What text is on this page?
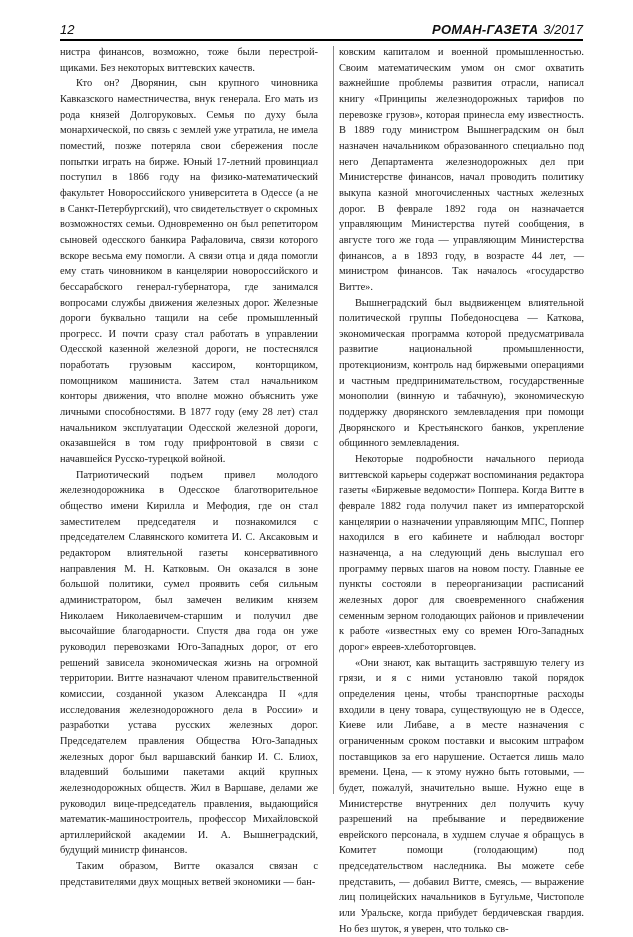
12	РОМАН-ГАЗЕТА 3/2017

нистра финансов, возможно, тоже были перестрой-щиками. Без некоторых виттевских качеств.

Кто он? Дворянин, сын крупного чиновника Кавказского наместничества, внук генерала. Его мать из рода князей Долгоруковых. Семья по духу была монархической, по связь с землей уже утратила, не имела поместий, позже потеряла свои сбережения после попытки играть на бирже. Юный 17-летний провинциал поступил в 1866 году на физико-математический факультет Новороссийского университета в Одессе (а не в Санкт-Петербургский), что свидетельствует о скромных возможностях семьи. Одновременно он был репетитором сыновей одесского банкира Рафаловича, связи которого вскоре весьма ему помогли. А связи отца и дяда помогли ему стать чиновником в канцелярии новороссийского и бессарабского генерал-губернатора, где занимался вопросами службы движения железных дорог. Железные дороги буквально тащили на себе промышленный прогресс. И почти сразу стал работать в управлении Одесской казенной железной дороги, не постеснялся поработать грузовым кассиром, конторщиком, помощником машиниста. Затем стал начальником конторы движения, что вполне можно объяснить уже личными способностями. В 1877 году (ему 28 лет) стал начальником эксплуатации Одесской железной дороги, оказавшейся в том году прифронтовой в связи с начавшейся Русско-турецкой войной.

Патриотический подъем привел молодого железнодорожника в Одесское благотворительное общество имени Кирилла и Мефодия, где он стал заместителем председателя и познакомился с председателем Славянского комитета И. С. Аксаковым и редактором влиятельной газеты консервативного направления М. Н. Катковым. Он оказался в зоне большой политики, сумел проявить себя сильным администратором, был замечен великим князем Николаем Николаевичем-старшим и получил две высочайшие благодарности. Спустя два года он уже руководил перевозками Юго-Западных дорог, от его решений зависела экономическая жизнь на огромной территории. Витте назначают членом правительственной комиссии, созданной указом Александра II «для исследования железнодорожного дела в России» и разработки устава русских железных дорог. Председателем правления Общества Юго-Западных железных дорог был варшавский банкир И. С. Блиох, владевший большими пакетами акций крупных железнодорожных обществ. Жил в Варшаве, делами же руководил вице-председатель правления, выдающийся математик-машиностроитель, профессор Михайловской артиллерийской академии И. А. Вышнеградский, будущий министр финансов.

Таким образом, Витте оказался связан с представителями двух мощных ветвей экономики — бан-

ковским капиталом и военной промышленностью. Своим математическим умом он смог охватить важнейшие проблемы развития отрасли, написал книгу «Принципы железнодорожных тарифов по перевозке грузов», которая принесла ему известность. В 1889 году министром Вышнеградским он был назначен начальником образованного специально под него Департамента железнодорожных дел при Министерстве финансов, начал проводить политику выкупа казной многочисленных частных железных дорог. В феврале 1892 года он назначается управляющим Министерства путей сообщения, в августе того же года — управляющим Министерства финансов, а в 1893 году, в возрасте 44 лет, — министром финансов. Так началось «государство Витте».

Вышнеградский был выдвиженцем влиятельной политической группы Победоносцева — Каткова, экономическая программа которой предусматривала развитие национальной промышленности, протекционизм, контроль над биржевыми операциями и частным предпринимательством, государственные монополии (винную и табачную), экономическую поддержку дворянского землевладения при помощи Дворянского и Крестьянского банков, укрепление общинного землевладения.

Некоторые подробности начального периода виттевской карьеры содержат воспоминания редактора газеты «Биржевые ведомости» Поппера. Когда Витте в феврале 1882 года получил пакет из императорской канцелярии о назначении управляющим МПС, Поппер находился в его кабинете и наблюдал восторг назначенца, а на следующий день выслушал его программу первых шагов на новом посту. Главные ее пункты состояли в переорганизации расписаний железных дорог для своевременного снабжения семенным зерном голодающих районов и привлечении к работе «известных ему со времен Юго-Западных дорог» евреев-хлеботорговцев.

«Они знают, как вытащить застрявшую телегу из грязи, и я с ними установлю такой порядок определения цены, чтобы транспортные расходы входили в цену товара, существующую не в Одессе, Киеве или Либаве, а в месте назначения с ограниченным сроком поставки и высоким штрафом поставщиков за его нарушение. Остается лишь мало времени. Цена, — к этому нужно быть готовыми, — будет, пожалуй, значительно выше. Нужно еще в Министерстве внутренних дел получить кучу разрешений на пребывание и передвижение еврейского персонала, в худшем случае я обращусь в Комитет помощи (голодающим) под председательством наследника. Вы можете себе представить, — добавил Витте, смеясь, — выражение лиц полицейских начальников в Бугульме, Чистополе или Уральске, когда прибудет бердичевская гвардия. Но без шуток, я уверен, что только св-
